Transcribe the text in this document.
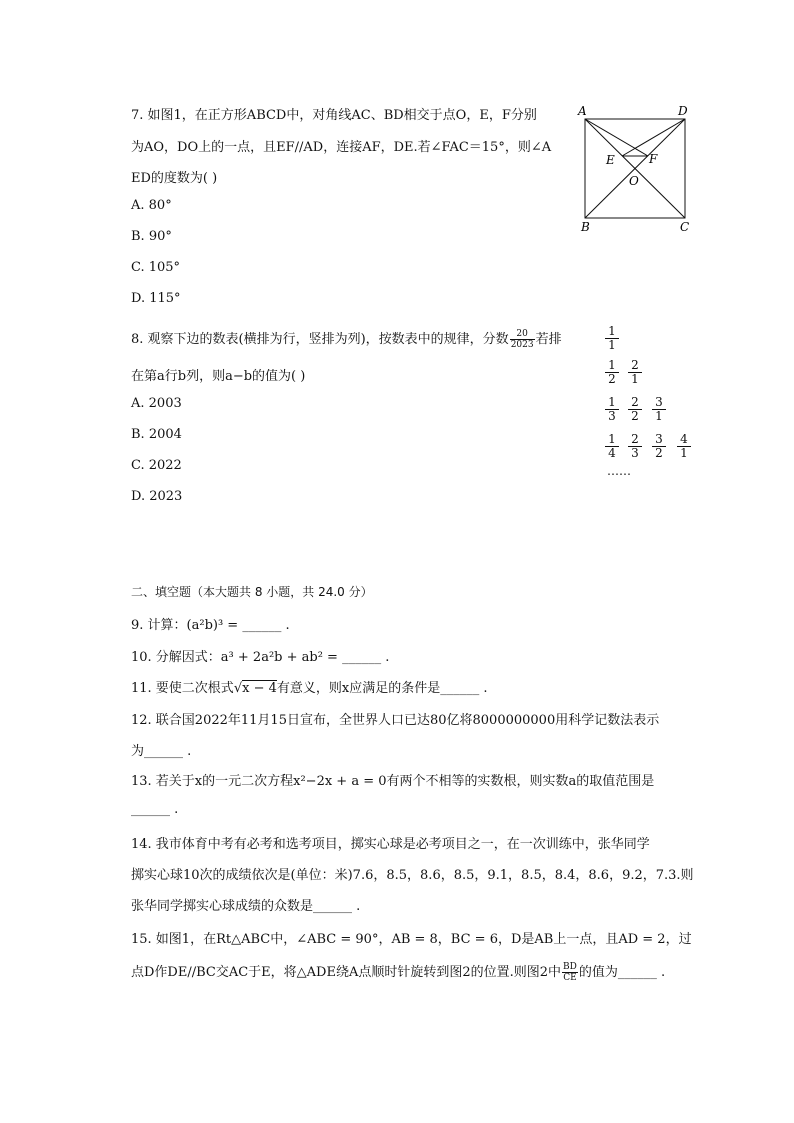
7. 如图1，在正方形ABCD中，对角线AC、BD相交于点O，E，F分别
为AO，DO上的一点，且EF//AD，连接AF，DE.若∠FAC＝15°，则∠A
ED的度数为( )
A. 80°
B. 90°
C. 105°
D. 115°
A	D
B	C
E	F
O
8. 观察下边的数表(横排为行，竖排为列)，按数表中的规律，分数 $\frac{20}{2023}$ 若排
在第a行b列，则a−b的值为( )
A. 2003
B. 2004
C. 2022
D. 2023
$\frac{1}{1}$
$\frac{1}{2} \frac{2}{1}$
$\frac{1}{3} \frac{2}{2} \frac{3}{1}$
$\frac{1}{4} \frac{2}{3} \frac{3}{2} \frac{4}{1}$
……
二、填空题（本大题共 8 小题，共 24.0 分）
9. 计算：(a²b)³ = ______ .
10. 分解因式：a³ + 2a²b + ab² = ______ .
11. 要使二次根式√x − 4有意义，则x应满足的条件是______ .
12. 联合国2022年11月15日宣布，全世界人口已达80亿将8000000000用科学记数法表示
为______ .
13. 若关于x的一元二次方程x²−2x + a = 0有两个不相等的实数根，则实数a的取值范围是
______ .
14. 我市体育中考有必考和选考项目，掷实心球是必考项目之一，在一次训练中，张华同学
掷实心球10次的成绩依次是(单位：米)7.6，8.5，8.6，8.5，9.1，8.5，8.4，8.6，9.2，7.3.则
张华同学掷实心球成绩的众数是______ .
15. 如图1，在Rt△ABC中，∠ABC = 90°，AB = 8，BC = 6，D是AB上一点，且AD = 2，过
点D作DE//BC交AC于E，将△ADE绕A点顺时针旋转到图2的位置.则图2中 $\frac{BD}{CE}$ 的值为______ .
